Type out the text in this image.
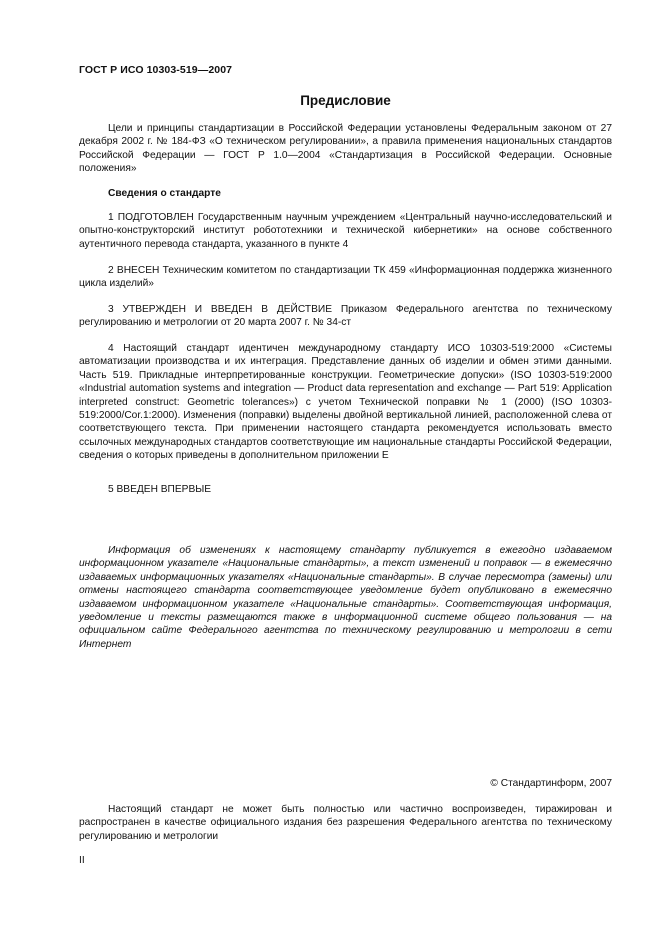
ГОСТ Р ИСО 10303-519—2007
Предисловие

Цели и принципы стандартизации в Российской Федерации установлены Федеральным законом от 27 декабря 2002 г. № 184-ФЗ «О техническом регулировании», а правила применения национальных стандартов Российской Федерации — ГОСТ Р 1.0—2004 «Стандартизация в Российской Федерации. Основные положения»

Сведения о стандарте

1 ПОДГОТОВЛЕН Государственным научным учреждением «Центральный научно-исследовательский и опытно-конструкторский институт робототехники и технической кибернетики» на основе собственного аутентичного перевода стандарта, указанного в пункте 4

2 ВНЕСЕН Техническим комитетом по стандартизации ТК 459 «Информационная поддержка жизненного цикла изделий»

3 УТВЕРЖДЕН И ВВЕДЕН В ДЕЙСТВИЕ Приказом Федерального агентства по техническому регулированию и метрологии от 20 марта 2007 г. № 34-ст

4 Настоящий стандарт идентичен международному стандарту ИСО 10303-519:2000 «Системы автоматизации производства и их интеграция. Представление данных об изделии и обмен этими данными. Часть 519. Прикладные интерпретированные конструкции. Геометрические допуски» (ISO 10303-519:2000 «Industrial automation systems and integration — Product data representation and exchange — Part 519: Application interpreted construct: Geometric tolerances») с учетом Технической поправки № 1 (2000) (ISO 10303-519:2000/Cor.1:2000). Изменения (поправки) выделены двойной вертикальной линией, расположенной слева от соответствующего текста. При применении настоящего стандарта рекомендуется использовать вместо ссылочных международных стандартов соответствующие им национальные стандарты Российской Федерации, сведения о которых приведены в дополнительном приложении Е

5 ВВЕДЕН ВПЕРВЫЕ

Информация об изменениях к настоящему стандарту публикуется в ежегодно издаваемом информационном указателе «Национальные стандарты», а текст изменений и поправок — в ежемесячно издаваемых информационных указателях «Национальные стандарты». В случае пересмотра (замены) или отмены настоящего стандарта соответствующее уведомление будет опубликовано в ежемесячно издаваемом информационном указателе «Национальные стандарты». Соответствующая информация, уведомление и тексты размещаются также в информационной системе общего пользования — на официальном сайте Федерального агентства по техническому регулированию и метрологии в сети Интернет

© Стандартинформ, 2007

Настоящий стандарт не может быть полностью или частично воспроизведен, тиражирован и распространен в качестве официального издания без разрешения Федерального агентства по техническому регулированию и метрологии

II
